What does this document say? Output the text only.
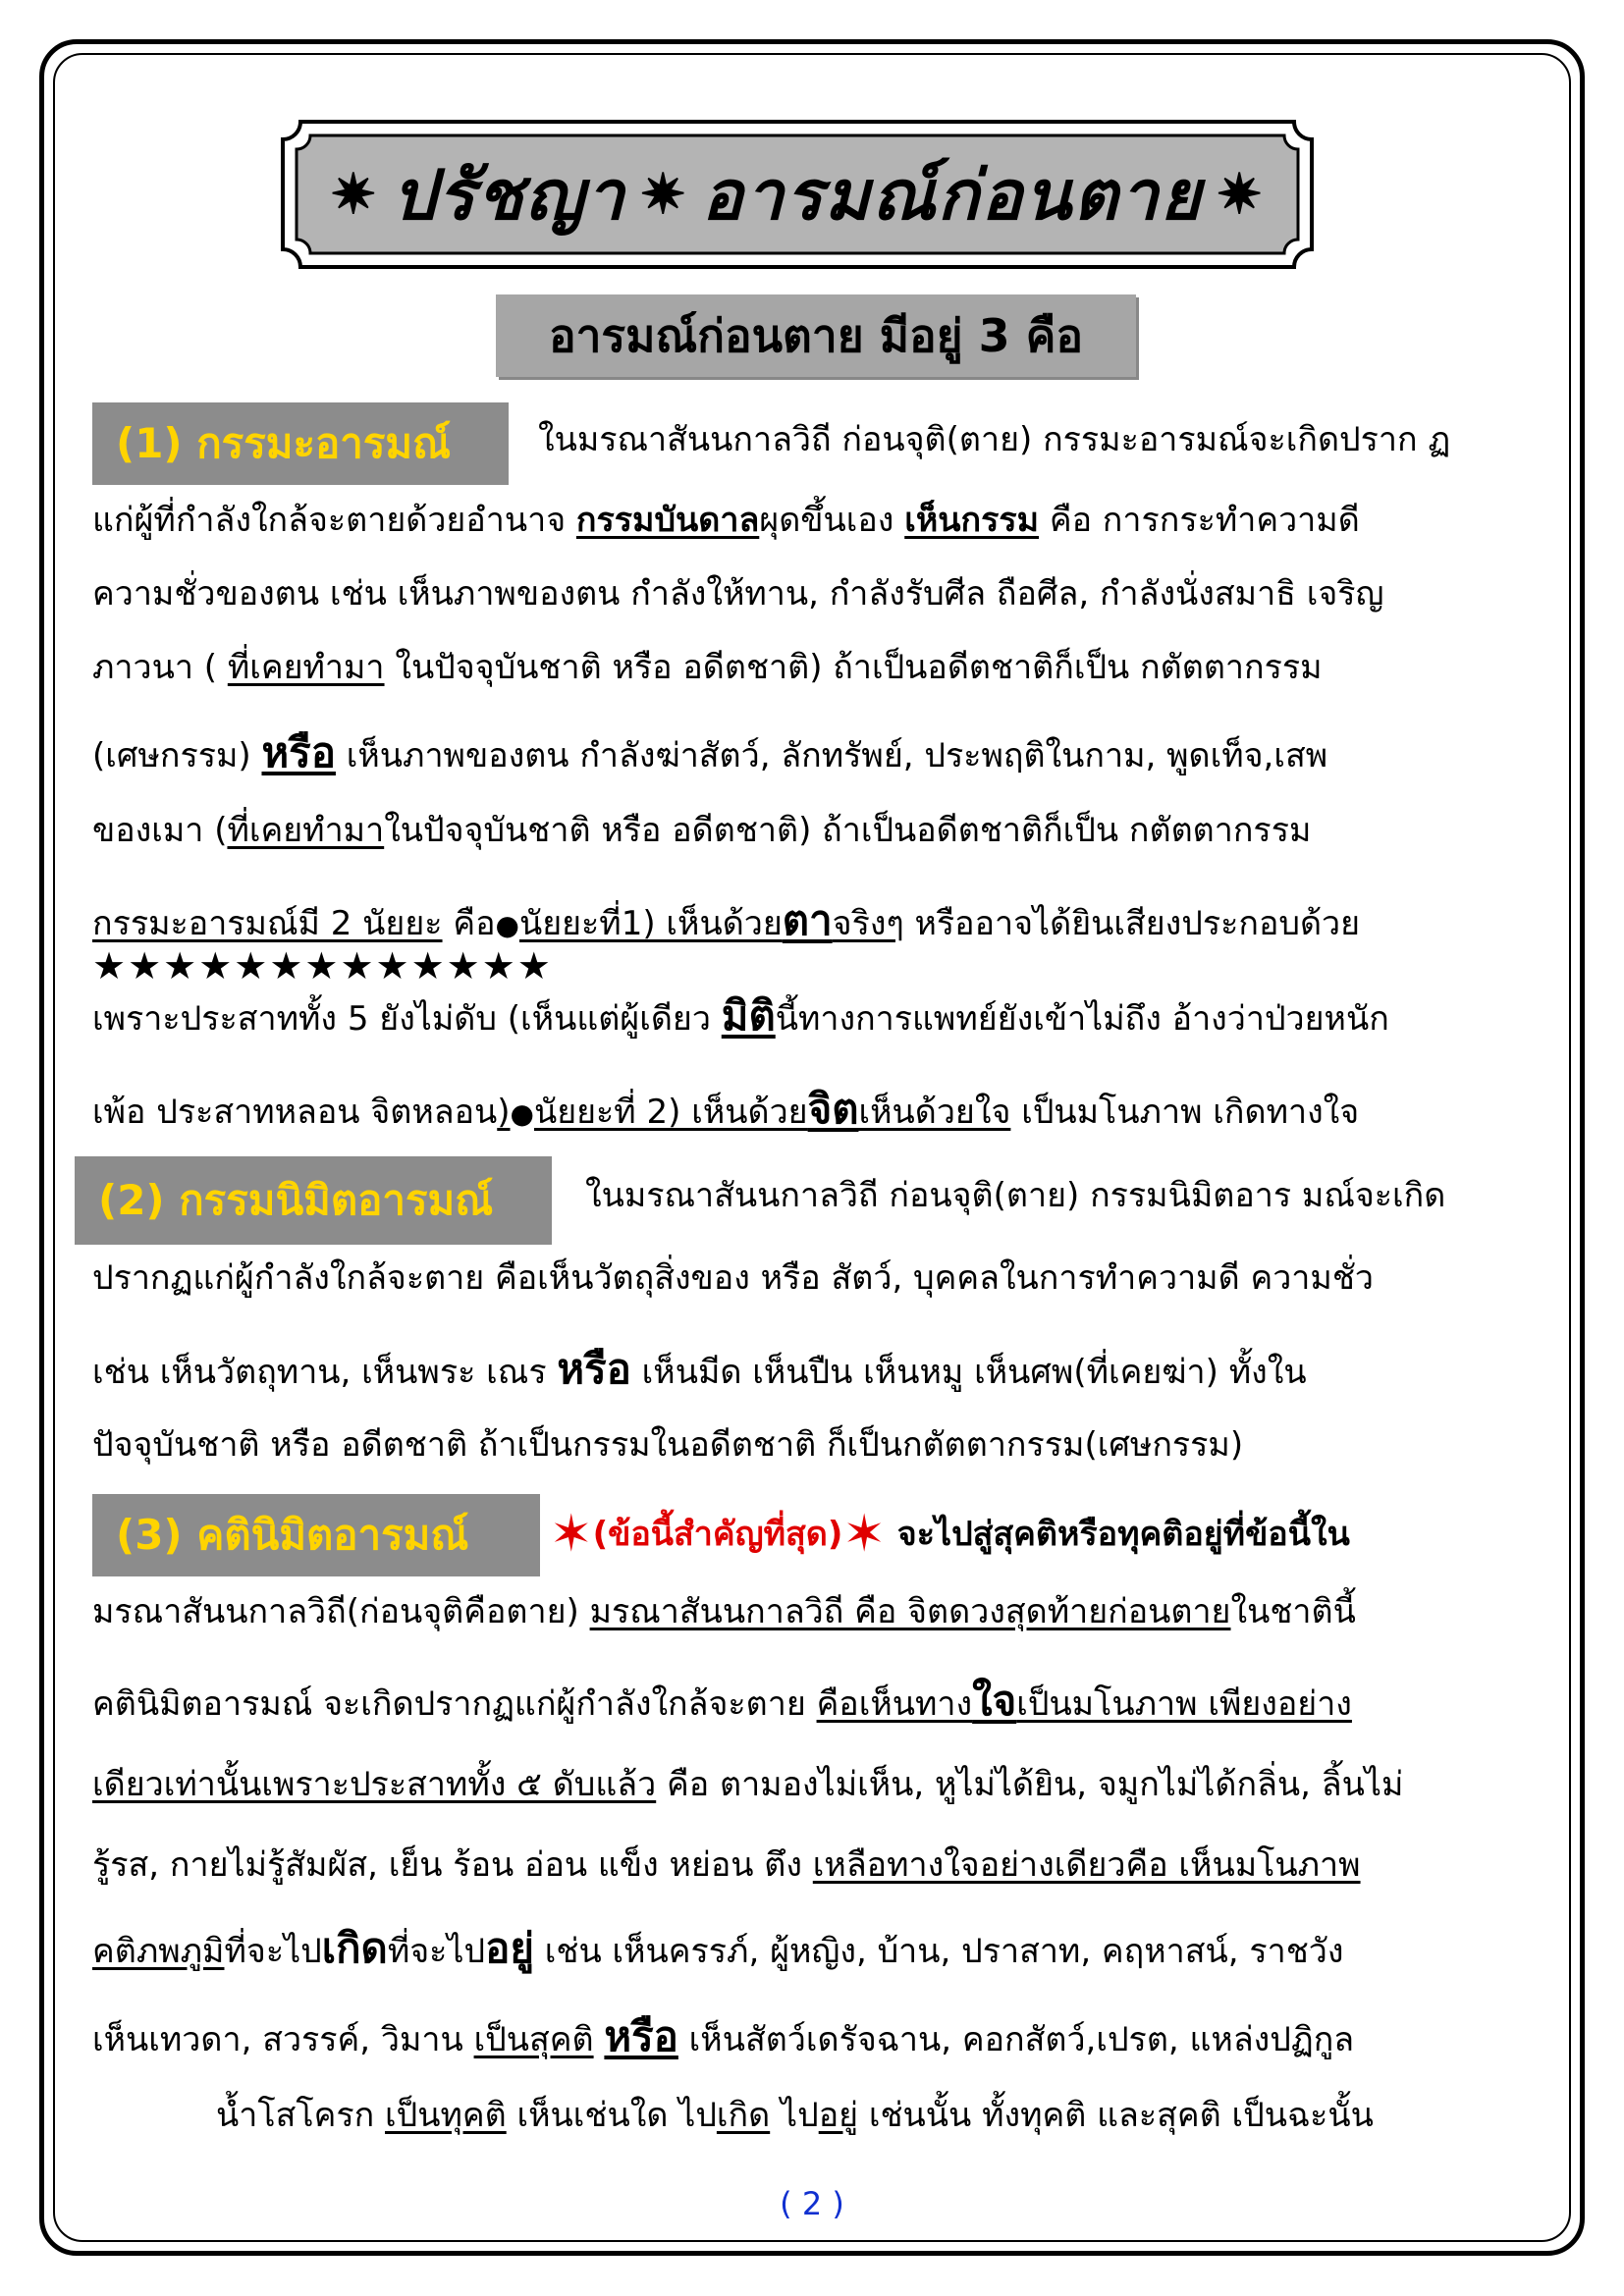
✷ ปรัชญา ✷ อารมณ์ก่อนตาย ✷
อารมณ์ก่อนตาย มีอยู่ 3 คือ
(1) กรรมะอารมณ์
(2) กรรมนิมิตอารมณ์
(3) คตินิมิตอารมณ์
ในมรณาสันนกาลวิถี ก่อนจุติ(ตาย) กรรมะอารมณ์จะเกิดปราก ฏ
แก่ผู้ที่กำลังใกล้จะตายด้วยอำนาจ กรรมบันดาลผุดขึ้นเอง เห็นกรรม คือ การกระทำความดี
ความชั่วของตน เช่น เห็นภาพของตน กำลังให้ทาน, กำลังรับศีล ถือศีล, กำลังนั่งสมาธิ เจริญ
ภาวนา ( ที่เคยทำมา ในปัจจุบันชาติ หรือ อดีตชาติ) ถ้าเป็นอดีตชาติก็เป็น กตัตตากรรม
(เศษกรรม) หรือ เห็นภาพของตน กำลังฆ่าสัตว์, ลักทรัพย์, ประพฤติในกาม, พูดเท็จ,เสพ
ของเมา (ที่เคยทำมาในปัจจุบันชาติ หรือ อดีตชาติ) ถ้าเป็นอดีตชาติก็เป็น กตัตตากรรม
กรรมะอารมณ์มี 2 นัยยะ คือ●นัยยะที่1) เห็นด้วยตาจริงๆ หรืออาจได้ยินเสียงประกอบด้วย
★★★★★★★★★★★★★
เพราะประสาททั้ง 5 ยังไม่ดับ (เห็นแต่ผู้เดียว มิตินี้ทางการแพทย์ยังเข้าไม่ถึง อ้างว่าป่วยหนัก
เพ้อ ประสาทหลอน จิตหลอน)●นัยยะที่ 2) เห็นด้วยจิตเห็นด้วยใจ เป็นมโนภาพ เกิดทางใจ
ในมรณาสันนกาลวิถี ก่อนจุติ(ตาย) กรรมนิมิตอาร มณ์จะเกิด
ปรากฏแก่ผู้กำลังใกล้จะตาย คือเห็นวัตถุสิ่งของ หรือ สัตว์, บุคคลในการทำความดี ความชั่ว
เช่น เห็นวัตถุทาน, เห็นพระ เณร หรือ เห็นมีด เห็นปืน เห็นหมู เห็นศพ(ที่เคยฆ่า) ทั้งใน
ปัจจุบันชาติ หรือ อดีตชาติ ถ้าเป็นกรรมในอดีตชาติ ก็เป็นกตัตตากรรม(เศษกรรม)
✶(ข้อนี้สำคัญที่สุด)✶ จะไปสู่สุคติหรือทุคติอยู่ที่ข้อนี้ใน
มรณาสันนกาลวิถี(ก่อนจุติคือตาย) มรณาสันนกาลวิถี คือ จิตดวงสุดท้ายก่อนตายในชาตินี้
คตินิมิตอารมณ์ จะเกิดปรากฏแก่ผู้กำลังใกล้จะตาย คือเห็นทางใจเป็นมโนภาพ เพียงอย่าง
เดียวเท่านั้นเพราะประสาททั้ง ๕ ดับแล้ว คือ ตามองไม่เห็น, หูไม่ได้ยิน, จมูกไม่ได้กลิ่น, ลิ้นไม่
รู้รส, กายไม่รู้สัมผัส, เย็น ร้อน อ่อน แข็ง หย่อน ตึง เหลือทางใจอย่างเดียวคือ เห็นมโนภาพ
คติภพภูมิที่จะไปเกิดที่จะไปอยู่ เช่น เห็นครรภ์, ผู้หญิง, บ้าน, ปราสาท, คฤหาสน์, ราชวัง
เห็นเทวดา, สวรรค์, วิมาน เป็นสุคติ หรือ เห็นสัตว์เดรัจฉาน, คอกสัตว์,เปรต, แหล่งปฏิกูล
น้ำโสโครก เป็นทุคติ เห็นเช่นใด ไปเกิด ไปอยู่ เช่นนั้น ทั้งทุคติ และสุคติ เป็นฉะนั้น
( 2 )
